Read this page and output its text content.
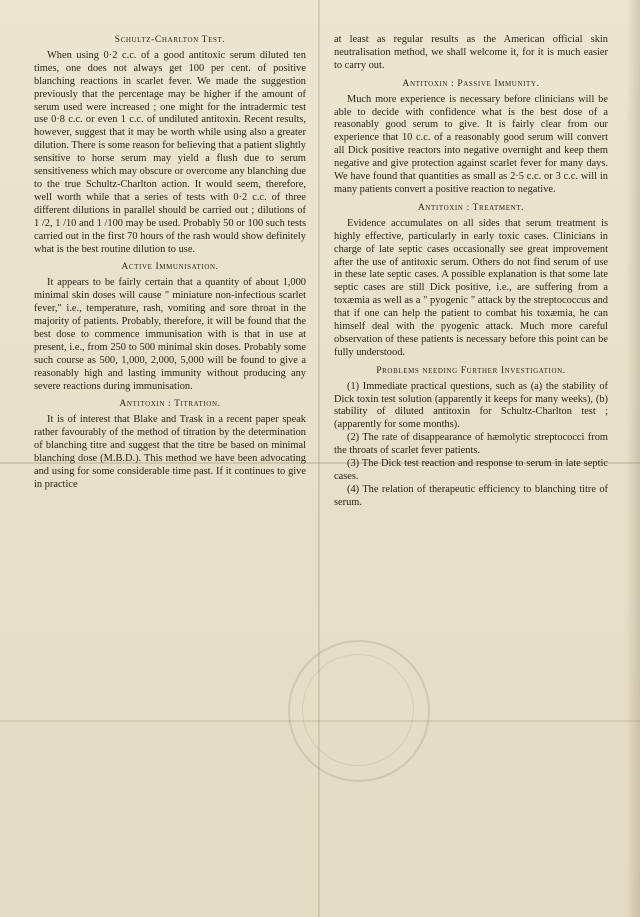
Schultz-Charlton Test.

When using 0·2 c.c. of a good antitoxic serum diluted ten times, one does not always get 100 per cent. of positive blanching reactions in scarlet fever. We made the suggestion previously that the percentage may be higher if the amount of serum used were increased ; one might for the intradermic test use 0·8 c.c. or even 1 c.c. of undiluted antitoxin. Recent results, however, suggest that it may be worth while using also a greater dilution. There is some reason for believing that a patient slightly sensitive to horse serum may yield a flush due to serum sensitiveness which may obscure or overcome any blanching due to the true Schultz-Charlton action. It would seem, therefore, well worth while that a series of tests with 0·2 c.c. of three different dilutions in parallel should be carried out ; dilutions of 1 /2, 1 /10 and 1 /100 may be used. Probably 50 or 100 such tests carried out in the first 70 hours of the rash would show definitely what is the best routine dilution to use.

Active Immunisation.

It appears to be fairly certain that a quantity of about 1,000 minimal skin doses will cause " miniature non-infectious scarlet fever," i.e., temperature, rash, vomiting and sore throat in the majority of patients. Probably, therefore, it will be found that the best dose to commence immunisation with is that in use at present, i.e., from 250 to 500 minimal skin doses. Probably some such course as 500, 1,000, 2,000, 5,000 will be found to give a reasonably high and lasting immunity without producing any severe reactions during immunisation.

Antitoxin : Titration.

It is of interest that Blake and Trask in a recent paper speak rather favourably of the method of titration by the determination of blanching titre and suggest that the titre be based on minimal blanching dose (M.B.D.). This method we have been advocating and using for some considerable time past. If it continues to give in practice

at least as regular results as the American official skin neutralisation method, we shall welcome it, for it is much easier to carry out.

Antitoxin : Passive Immunity.

Much more experience is necessary before clinicians will be able to decide with confidence what is the best dose of a reasonably good serum to give. It is fairly clear from our experience that 10 c.c. of a reasonably good serum will convert all Dick positive reactors into negative overnight and keep them negative and give protection against scarlet fever for many days. We have found that quantities as small as 2·5 c.c. or 3 c.c. will in many patients convert a positive reaction to negative.

Antitoxin : Treatment.

Evidence accumulates on all sides that serum treatment is highly effective, particularly in early toxic cases. Clinicians in charge of late septic cases occasionally see great improvement after the use of antitoxic serum. Others do not find serum of use in these late septic cases. A possible explanation is that some late septic cases are still Dick positive, i.e., are suffering from a toxæmia as well as a " pyogenic " attack by the streptococcus and that if one can help the patient to combat his toxæmia, he can himself deal with the pyogenic attack. Much more careful observation of these patients is necessary before this point can be fully understood.

Problems needing Further Investigation.

(1) Immediate practical questions, such as (a) the stability of Dick toxin test solution (apparently it keeps for many weeks), (b) stability of diluted antitoxin for Schultz-Charlton test ; (apparently for some months).

(2) The rate of disappearance of hæmolytic streptococci from the throats of scarlet fever patients.

(3) The Dick test reaction and response to serum in late septic cases.

(4) The relation of therapeutic efficiency to blanching titre of serum.
